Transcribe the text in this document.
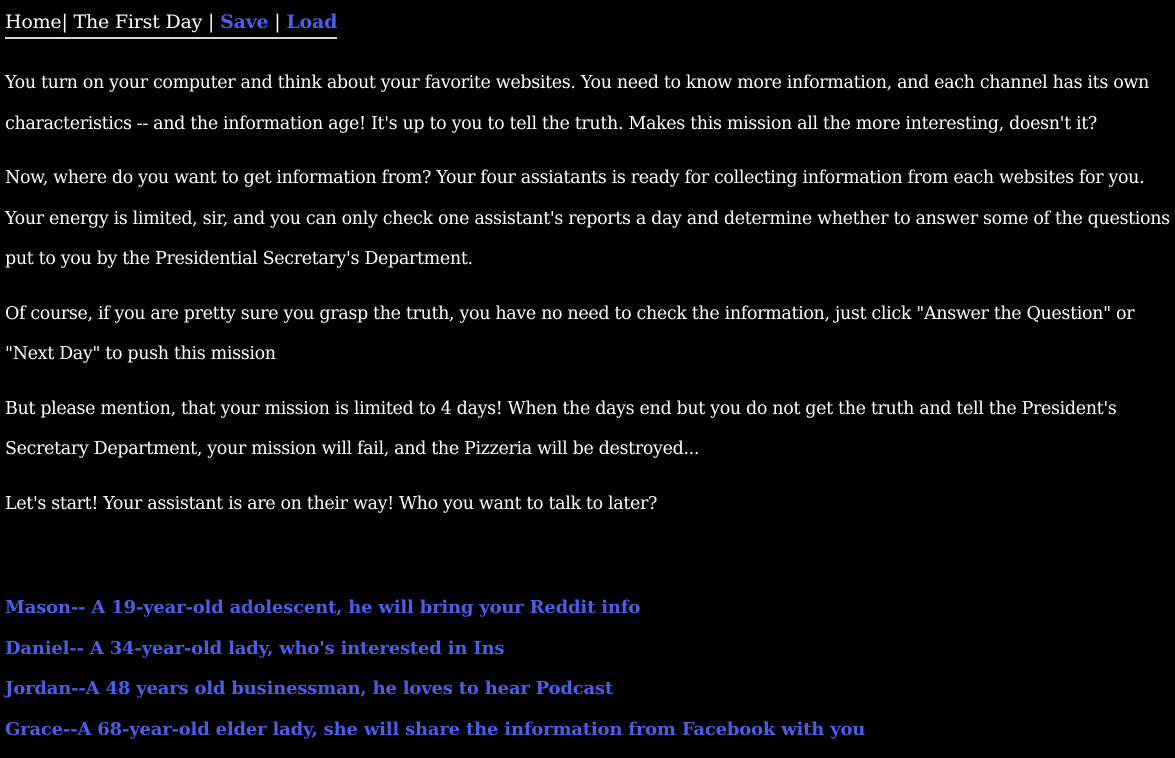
Home| The First Day | Save | Load

You turn on your computer and think about your favorite websites. You need to know more information, and each channel has its own characteristics -- and the information age! It's up to you to tell the truth. Makes this mission all the more interesting, doesn't it?

Now, where do you want to get information from? Your four assiatants is ready for collecting information from each websites for you. Your energy is limited, sir, and you can only check one assistant's reports a day and determine whether to answer some of the questions put to you by the Presidential Secretary's Department.

Of course, if you are pretty sure you grasp the truth, you have no need to check the information, just click "Answer the Question" or "Next Day" to push this mission

But please mention, that your mission is limited to 4 days! When the days end but you do not get the truth and tell the President's Secretary Department, your mission will fail, and the Pizzeria will be destroyed...

Let's start! Your assistant is are on their way! Who you want to talk to later?

Mason-- A 19-year-old adolescent, he will bring your Reddit info
Daniel-- A 34-year-old lady, who's interested in Ins
Jordan--A 48 years old businessman, he loves to hear Podcast
Grace--A 68-year-old elder lady, she will share the information from Facebook with you
